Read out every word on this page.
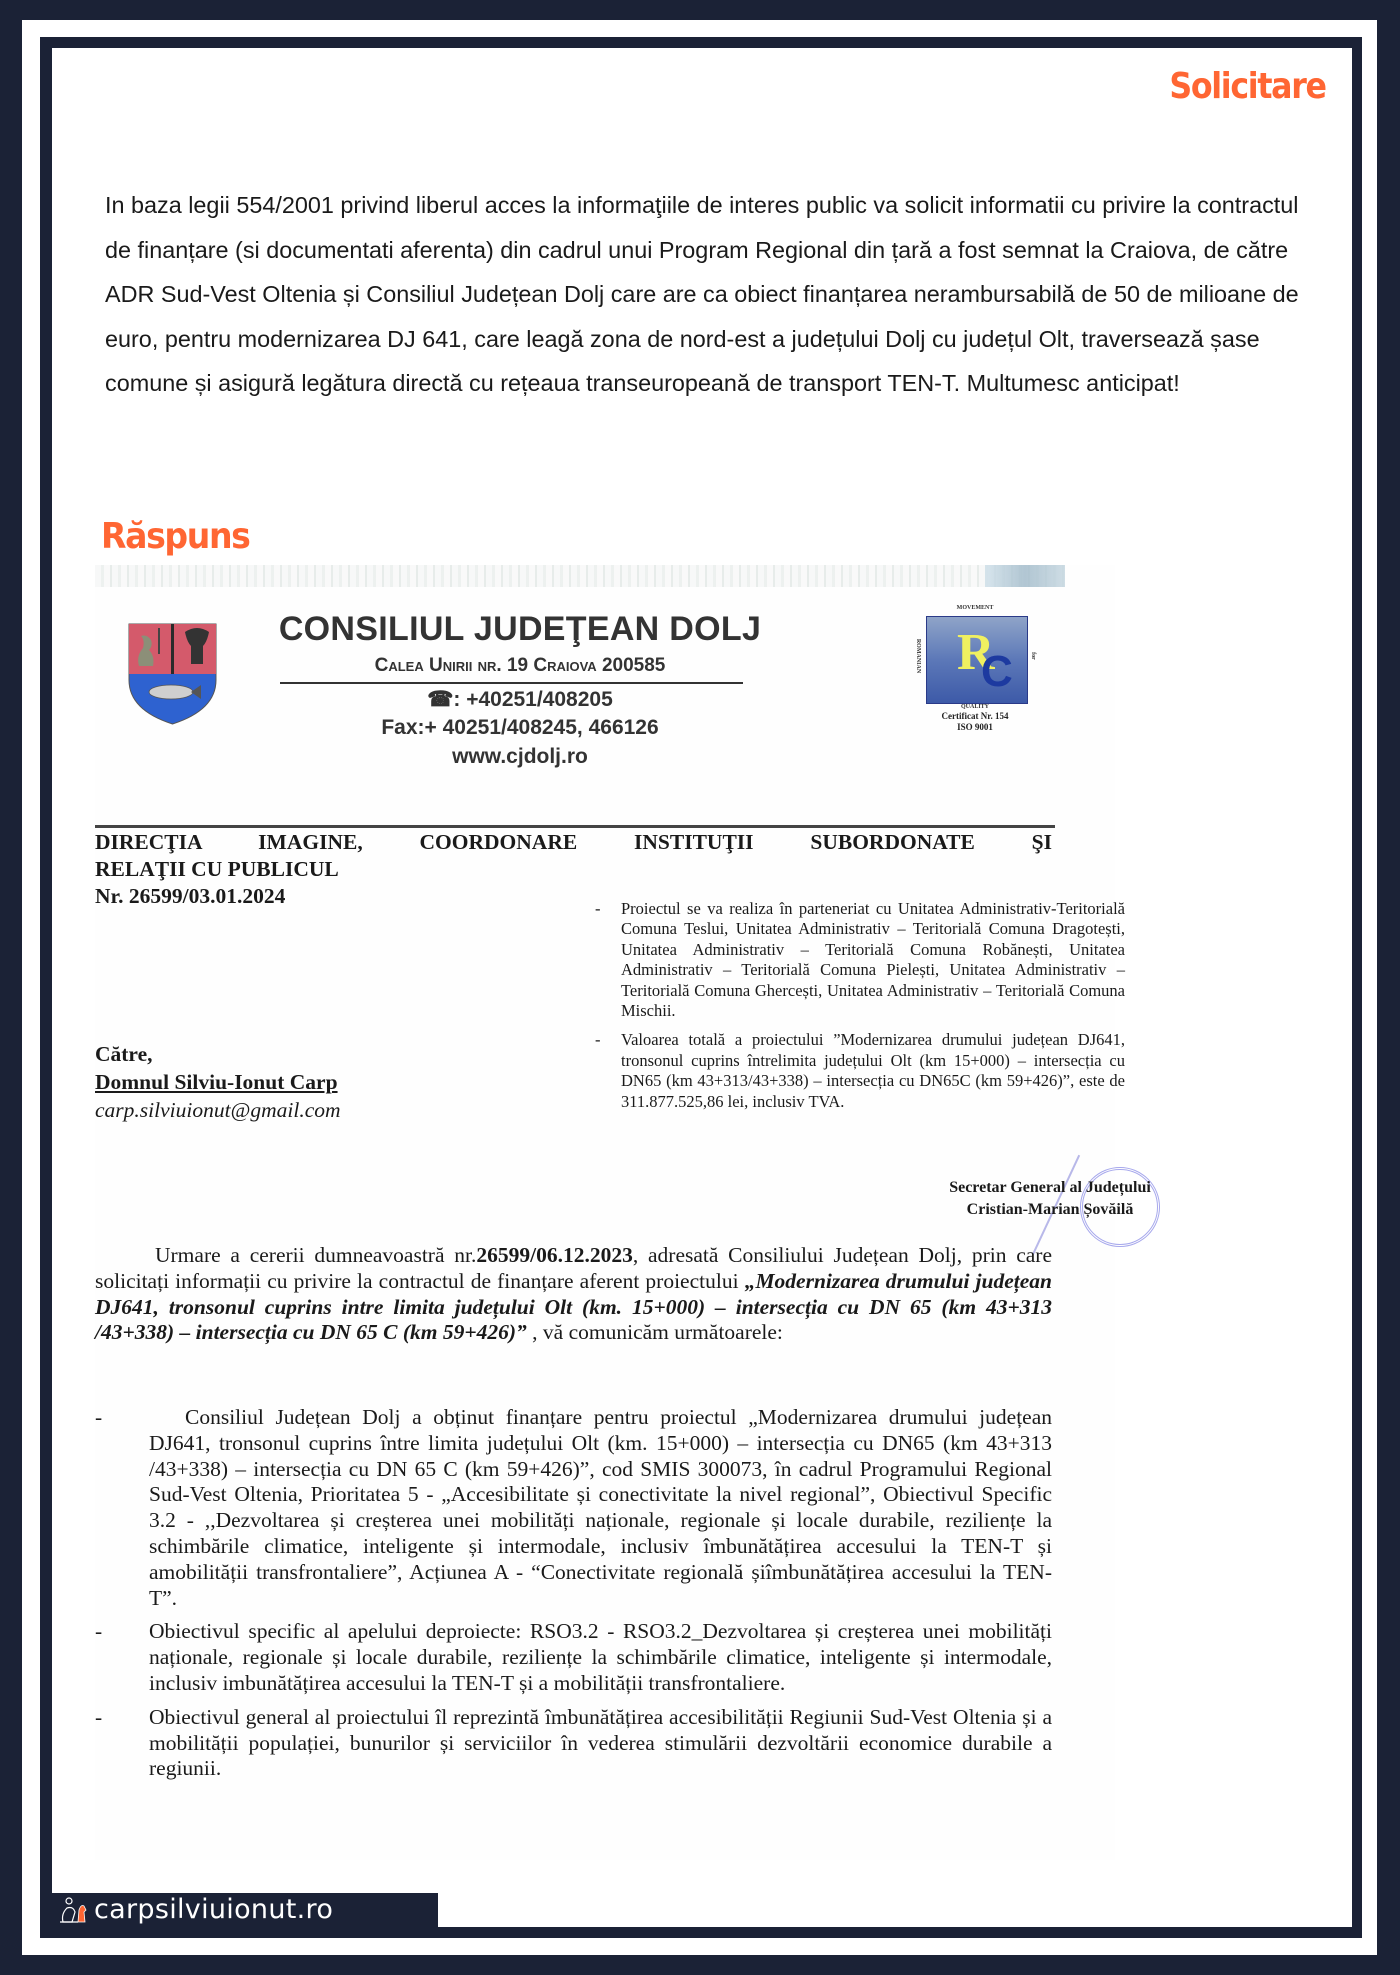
Solicitare
In baza legii 554/2001 privind liberul acces la informaţiile de interes public va solicit informatii cu privire la contractul de finanțare (si documentati aferenta) din cadrul unui Program Regional din țară a fost semnat la Craiova, de către ADR Sud-Vest Oltenia și Consiliul Județean Dolj care are ca obiect finanțarea nerambursabilă de 50 de milioane de euro, pentru modernizarea DJ 641, care leagă zona de nord-est a județului Dolj cu județul Olt, traversează șase comune și asigură legătura directă cu rețeaua transeuropeană de transport TEN-T. Multumesc anticipat!
Răspuns
CONSILIUL JUDEŢEAN DOLJ
Calea Unirii nr. 19 Craiova 200585
☎: +40251/408205
Fax:+ 40251/408245, 466126
www.cjdolj.ro
MOVEMENT
ROMANIAN R
C	for
QUALITY
Certificat Nr. 154
ISO 9001
DIRECŢIA IMAGINE, COORDONARE INSTITUŢII SUBORDONATE ŞI
RELAŢII CU PUBLICUL
Nr. 26599/03.01.2024
Către,
Domnul Silviu-Ionut Carp
carp.silviuionut@gmail.com
- Proiectul se va realiza în parteneriat cu Unitatea Administrativ-Teritorială Comuna Teslui, Unitatea Administrativ – Teritorială Comuna Dragotești, Unitatea Administrativ – Teritorială Comuna Robănești, Unitatea Administrativ – Teritorială Comuna Pielești, Unitatea Administrativ – Teritorială Comuna Ghercești, Unitatea Administrativ – Teritorială Comuna Mischii.
- Valoarea totală a proiectului ”Modernizarea drumului județean DJ641, tronsonul cuprins întrelimita județului Olt (km 15+000) – intersecția cu DN65 (km 43+313/43+338) – intersecția cu DN65C (km 59+426)”, este de 311.877.525,86 lei, inclusiv TVA.
Secretar General al Județului
Cristian-Marian Șovăilă
Urmare a cererii dumneavoastră nr.26599/06.12.2023, adresată Consiliului Județean Dolj, prin care solicitați informații cu privire la contractul de finanțare aferent proiectului „Modernizarea drumului județean DJ641, tronsonul cuprins intre limita județului Olt (km. 15+000) – intersecția cu DN 65 (km 43+313 /43+338) – intersecția cu DN 65 C (km 59+426)” , vă comunicăm următoarele:
-	Consiliul Județean Dolj a obținut finanțare pentru proiectul „Modernizarea drumului județean DJ641, tronsonul cuprins între limita județului Olt (km. 15+000) – intersecția cu DN65 (km 43+313 /43+338) – intersecția cu DN 65 C (km 59+426)”, cod SMIS 300073, în cadrul Programului Regional Sud-Vest Oltenia, Prioritatea 5 - „Accesibilitate și conectivitate la nivel regional”, Obiectivul Specific 3.2 - ,,Dezvoltarea și creșterea unei mobilități naționale, regionale și locale durabile, reziliențe la schimbările climatice, inteligente și intermodale, inclusiv îmbunătățirea accesului la TEN-T și amobilității transfrontaliere”, Acțiunea A - “Conectivitate regională șiîmbunătățirea accesului la TEN-T”.
- Obiectivul specific al apelului deproiecte: RSO3.2 - RSO3.2_Dezvoltarea și creșterea unei mobilități naționale, regionale și locale durabile, reziliențe la schimbările climatice, inteligente și intermodale, inclusiv imbunătățirea accesului la TEN-T și a mobilității transfrontaliere.
- Obiectivul general al proiectului îl reprezintă îmbunătățirea accesibilității Regiunii Sud-Vest Oltenia și a mobilității populației, bunurilor și serviciilor în vederea stimulării dezvoltării economice durabile a regiunii.
carpsilviuionut.ro
